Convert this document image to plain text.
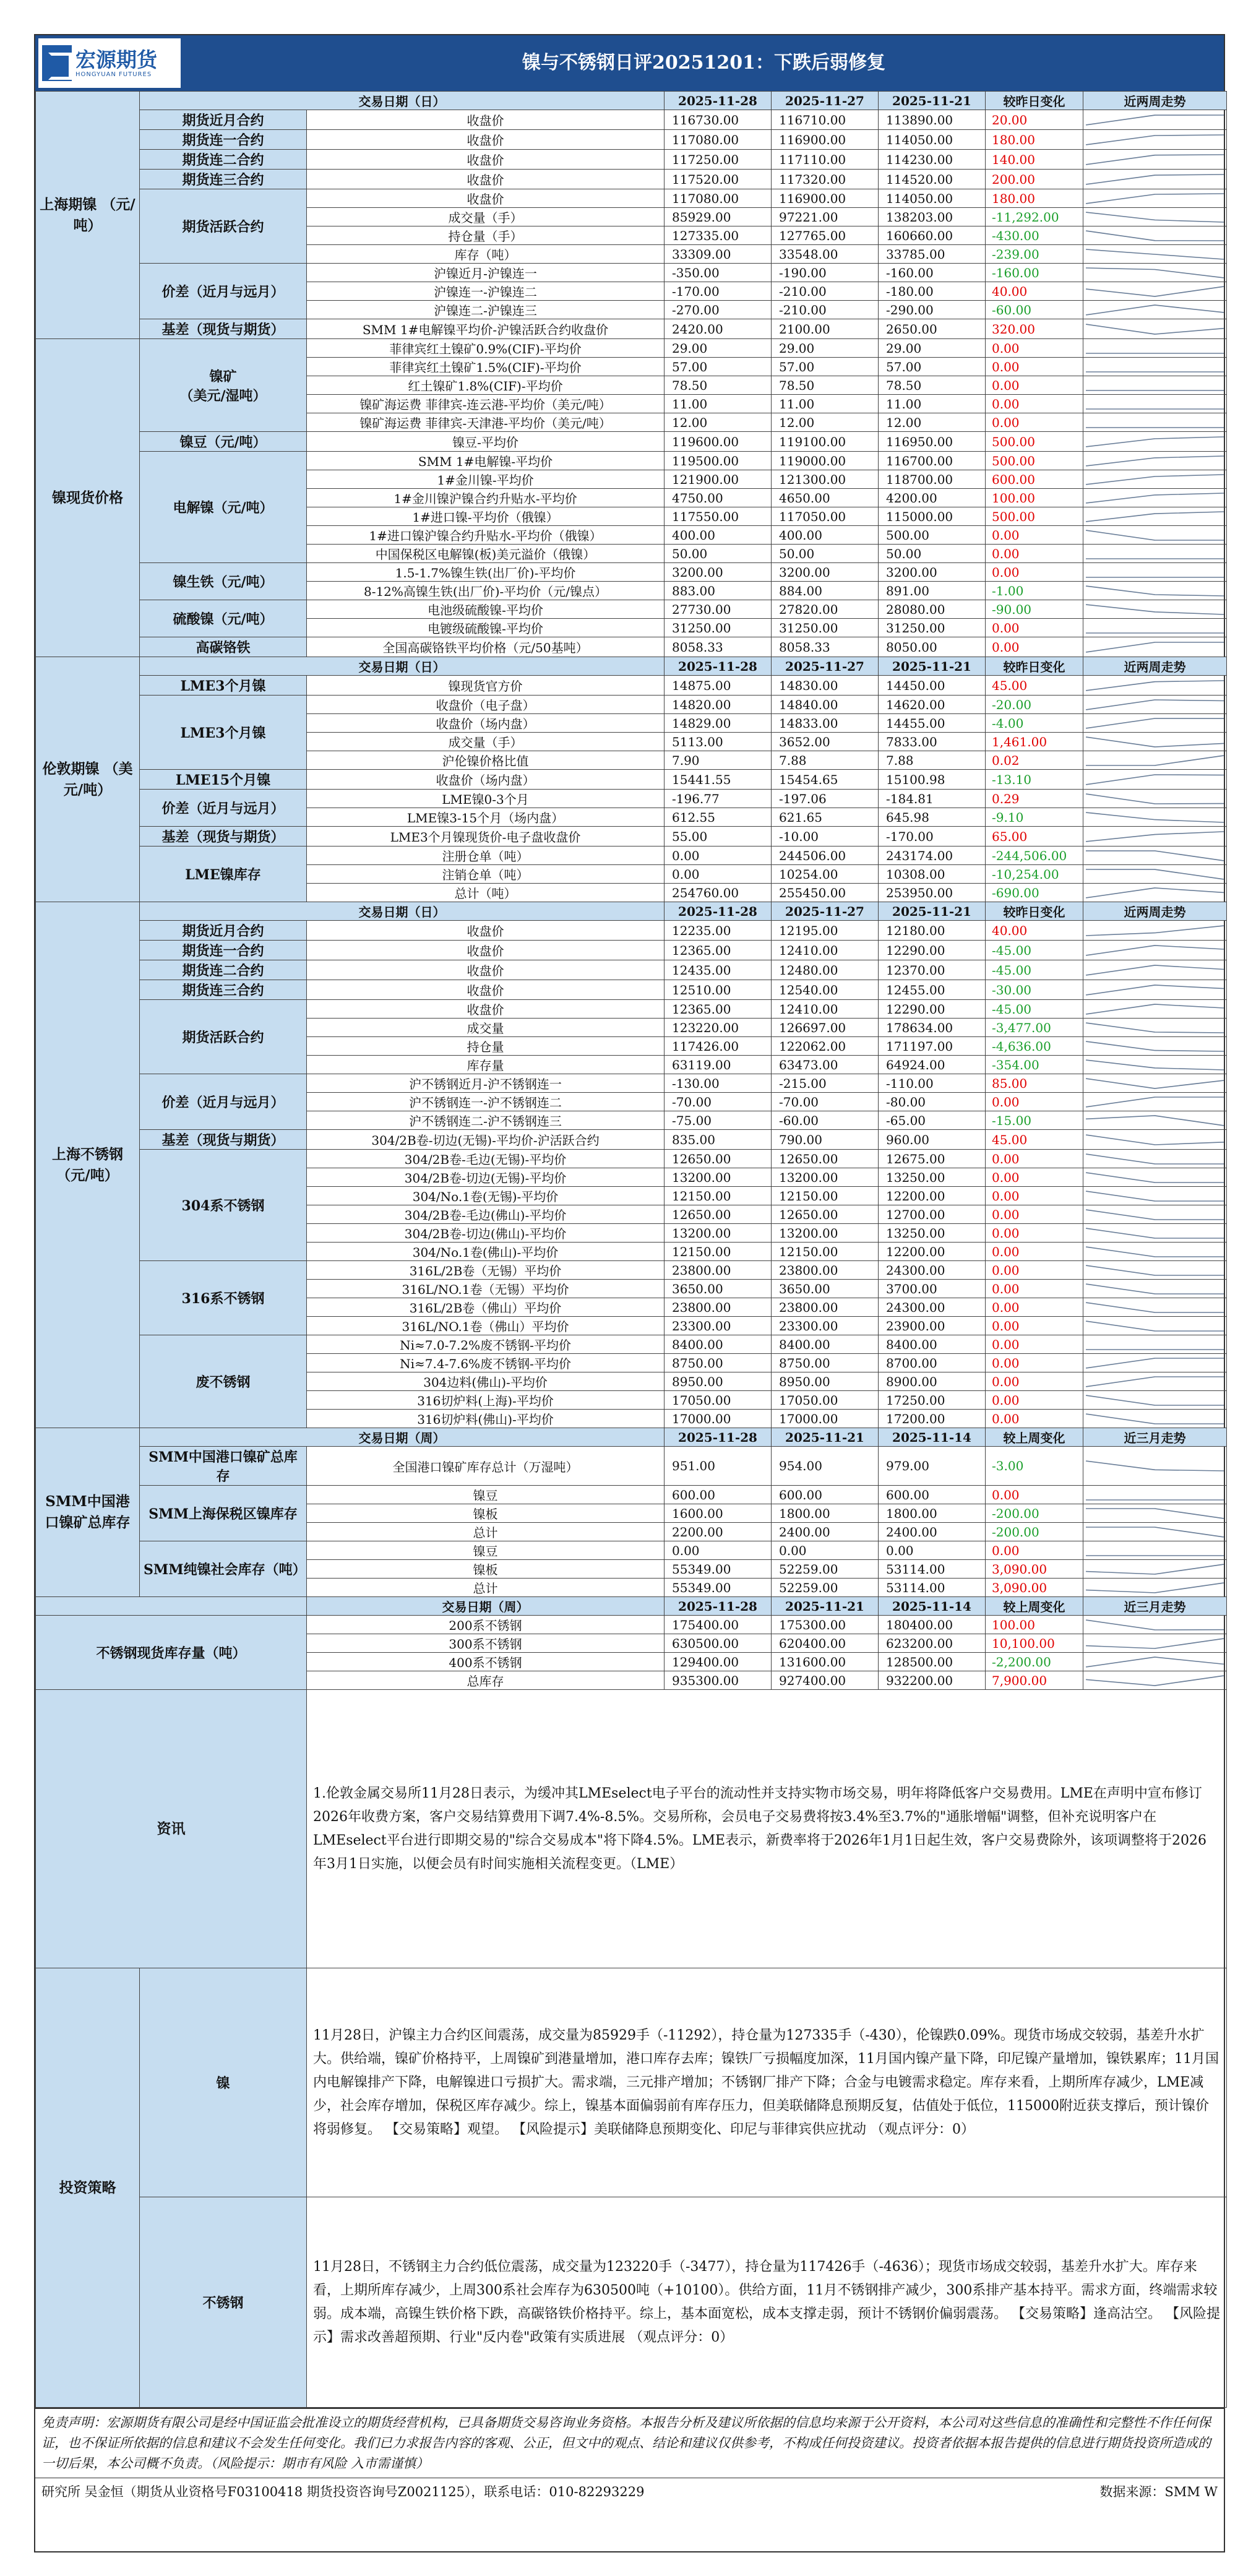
宏源期货
HONGYUAN FUTURES
镍与不锈钢日评20251201：下跌后弱修复
上海期镍 （元/吨）	交易日期（日）		2025-11-28	2025-11-27	2025-11-21	较昨日变化	近两周走势
	期货近月合约	收盘价	116730.00	116710.00	113890.00	20.00	

	期货连一合约	收盘价	117080.00	116900.00	114050.00	180.00	

	期货连二合约	收盘价	117250.00	117110.00	114230.00	140.00	

	期货连三合约	收盘价	117520.00	117320.00	114520.00	200.00	

	期货活跃合约	收盘价	117080.00	116900.00	114050.00	180.00	

		成交量（手）	85929.00	97221.00	138203.00	-11,292.00	

		持仓量（手）	127335.00	127765.00	160660.00	-430.00	

		库存（吨）	33309.00	33548.00	33785.00	-239.00	

	价差（近月与远月）	沪镍近月-沪镍连一	-350.00	-190.00	-160.00	-160.00	

		沪镍连一-沪镍连二	-170.00	-210.00	-180.00	40.00	

		沪镍连二-沪镍连三	-270.00	-210.00	-290.00	-60.00	

	基差（现货与期货）	SMM 1#电解镍平均价-沪镍活跃合约收盘价	2420.00	2100.00	2650.00	320.00	

镍现货价格	镍矿
（美元/湿吨）	菲律宾红土镍矿0.9%(CIF)-平均价	29.00	29.00	29.00	0.00	

		菲律宾红土镍矿1.5%(CIF)-平均价	57.00	57.00	57.00	0.00	

		红土镍矿1.8%(CIF)-平均价	78.50	78.50	78.50	0.00	

		镍矿海运费 菲律宾-连云港-平均价（美元/吨）	11.00	11.00	11.00	0.00	

		镍矿海运费 菲律宾-天津港-平均价（美元/吨）	12.00	12.00	12.00	0.00	

	镍豆（元/吨）	镍豆-平均价	119600.00	119100.00	116950.00	500.00	

	电解镍（元/吨）	SMM 1#电解镍-平均价	119500.00	119000.00	116700.00	500.00	

		1#金川镍-平均价	121900.00	121300.00	118700.00	600.00	

		1#金川镍沪镍合约升贴水-平均价	4750.00	4650.00	4200.00	100.00	

		1#进口镍-平均价（俄镍）	117550.00	117050.00	115000.00	500.00	

		1#进口镍沪镍合约升贴水-平均价（俄镍）	400.00	400.00	500.00	0.00	

		中国保税区电解镍(板)美元溢价（俄镍）	50.00	50.00	50.00	0.00	

	镍生铁（元/吨）	1.5-1.7%镍生铁(出厂价)-平均价	3200.00	3200.00	3200.00	0.00	

		8-12%高镍生铁(出厂价)-平均价（元/镍点）	883.00	884.00	891.00	-1.00	

	硫酸镍（元/吨）	电池级硫酸镍-平均价	27730.00	27820.00	28080.00	-90.00	

		电镀级硫酸镍-平均价	31250.00	31250.00	31250.00	0.00	

	高碳铬铁	全国高碳铬铁平均价格（元/50基吨）	8058.33	8058.33	8050.00	0.00	

伦敦期镍 （美元/吨）	交易日期（日）		2025-11-28	2025-11-27	2025-11-21	较昨日变化	近两周走势
	LME3个月镍	镍现货官方价	14875.00	14830.00	14450.00	45.00	

	LME3个月镍	收盘价（电子盘）	14820.00	14840.00	14620.00	-20.00	

		收盘价（场内盘）	14829.00	14833.00	14455.00	-4.00	

		成交量（手）	5113.00	3652.00	7833.00	1,461.00	

		沪伦镍价格比值	7.90	7.88	7.88	0.02	

	LME15个月镍	收盘价（场内盘）	15441.55	15454.65	15100.98	-13.10	

	价差（近月与远月）	LME镍0-3个月	-196.77	-197.06	-184.81	0.29	

		LME镍3-15个月（场内盘）	612.55	621.65	645.98	-9.10	

	基差（现货与期货）	LME3个月镍现货价-电子盘收盘价	55.00	-10.00	-170.00	65.00	

	LME镍库存	注册仓单（吨）	0.00	244506.00	243174.00	-244,506.00	

		注销仓单（吨）	0.00	10254.00	10308.00	-10,254.00	

		总计（吨）	254760.00	255450.00	253950.00	-690.00	

上海不锈钢 （元/吨）	交易日期（日）		2025-11-28	2025-11-27	2025-11-21	较昨日变化	近两周走势
	期货近月合约	收盘价	12235.00	12195.00	12180.00	40.00	

	期货连一合约	收盘价	12365.00	12410.00	12290.00	-45.00	

	期货连二合约	收盘价	12435.00	12480.00	12370.00	-45.00	

	期货连三合约	收盘价	12510.00	12540.00	12455.00	-30.00	

	期货活跃合约	收盘价	12365.00	12410.00	12290.00	-45.00	

		成交量	123220.00	126697.00	178634.00	-3,477.00	

		持仓量	117426.00	122062.00	171197.00	-4,636.00	

		库存量	63119.00	63473.00	64924.00	-354.00	

	价差（近月与远月）	沪不锈钢近月-沪不锈钢连一	-130.00	-215.00	-110.00	85.00	

		沪不锈钢连一-沪不锈钢连二	-70.00	-70.00	-80.00	0.00	

		沪不锈钢连二-沪不锈钢连三	-75.00	-60.00	-65.00	-15.00	

	基差（现货与期货）	304/2B卷-切边(无锡)-平均价-沪活跃合约	835.00	790.00	960.00	45.00	

	304系不锈钢	304/2B卷-毛边(无锡)-平均价	12650.00	12650.00	12675.00	0.00	

		304/2B卷-切边(无锡)-平均价	13200.00	13200.00	13250.00	0.00	

		304/No.1卷(无锡)-平均价	12150.00	12150.00	12200.00	0.00	

		304/2B卷-毛边(佛山)-平均价	12650.00	12650.00	12700.00	0.00	

		304/2B卷-切边(佛山)-平均价	13200.00	13200.00	13250.00	0.00	

		304/No.1卷(佛山)-平均价	12150.00	12150.00	12200.00	0.00	

	316系不锈钢	316L/2B卷（无锡）平均价	23800.00	23800.00	24300.00	0.00	

		316L/NO.1卷（无锡）平均价	3650.00	3650.00	3700.00	0.00	

		316L/2B卷（佛山）平均价	23800.00	23800.00	24300.00	0.00	

		316L/NO.1卷（佛山）平均价	23300.00	23300.00	23900.00	0.00	

	废不锈钢	Ni≈7.0-7.2%废不锈钢-平均价	8400.00	8400.00	8400.00	0.00	

		Ni≈7.4-7.6%废不锈钢-平均价	8750.00	8750.00	8700.00	0.00	

		304边料(佛山)-平均价	8950.00	8950.00	8900.00	0.00	

		316切炉料(上海)-平均价	17050.00	17050.00	17250.00	0.00	

		316切炉料(佛山)-平均价	17000.00	17000.00	17200.00	0.00	

SMM中国港口镍矿总库存	交易日期（周）		2025-11-28	2025-11-21	2025-11-14	较上周变化	近三月走势
	SMM中国港口镍矿总库存	全国港口镍矿库存总计（万湿吨）	951.00	954.00	979.00	-3.00	

	SMM上海保税区镍库存	镍豆	600.00	600.00	600.00	0.00	

		镍板	1600.00	1800.00	1800.00	-200.00	

		总计	2200.00	2400.00	2400.00	-200.00	

	SMM纯镍社会库存（吨）	镍豆	0.00	0.00	0.00	0.00	

		镍板	55349.00	52259.00	53114.00	3,090.00	

		总计	55349.00	52259.00	53114.00	3,090.00	

		交易日期（周）	2025-11-28	2025-11-21	2025-11-14	较上周变化	近三月走势
不锈钢现货库存量（吨）		200系不锈钢	175400.00	175300.00	180400.00	100.00	

		300系不锈钢	630500.00	620400.00	623200.00	10,100.00	

		400系不锈钢	129400.00	131600.00	128500.00	-2,200.00	

		总库存	935300.00	927400.00	932200.00	7,900.00	

资讯		1.伦敦金属交易所11月28日表示，为缓冲其LMEselect电子平台的流动性并支持实物市场交易，明年将降低客户交易费用。LME在声明中宣布修订2026年收费方案，客户交易结算费用下调7.4%-8.5%。交易所称，会员电子交易费将按3.4%至3.7%的"通胀增幅"调整，但补充说明客户在LMEselect平台进行即期交易的"综合交易成本"将下降4.5%。LME表示，新费率将于2026年1月1日起生效，客户交易费除外，该项调整将于2026年3月1日实施，以便会员有时间实施相关流程变更。（LME）					
投资策略	镍	11月28日，沪镍主力合约区间震荡，成交量为85929手（-11292），持仓量为127335手（-430），伦镍跌0.09%。现货市场成交较弱，基差升水扩大。供给端，镍矿价格持平，上周镍矿到港量增加，港口库存去库；镍铁厂亏损幅度加深，11月国内镍产量下降，印尼镍产量增加，镍铁累库；11月国内电解镍排产下降，电解镍进口亏损扩大。需求端，三元排产增加；不锈钢厂排产下降；合金与电镀需求稳定。库存来看，上期所库存减少，LME减少，社会库存增加，保税区库存减少。综上，镍基本面偏弱前有库存压力，但美联储降息预期反复，估值处于低位，115000附近获支撑后，预计镍价将弱修复。 【交易策略】观望。 【风险提示】美联储降息预期变化、印尼与菲律宾供应扰动 （观点评分：0）					
	不锈钢	11月28日，不锈钢主力合约低位震荡，成交量为123220手（-3477），持仓量为117426手（-4636）；现货市场成交较弱，基差升水扩大。库存来看，上期所库存减少，上周300系社会库存为630500吨（+10100）。供给方面，11月不锈钢排产减少，300系排产基本持平。需求方面，终端需求较弱。成本端，高镍生铁价格下跌，高碳铬铁价格持平。综上，基本面宽松，成本支撑走弱，预计不锈钢价偏弱震荡。 【交易策略】逢高沽空。 【风险提示】需求改善超预期、行业"反内卷"政策有实质进展 （观点评分：0）					
免责声明：宏源期货有限公司是经中国证监会批准设立的期货经营机构，已具备期货交易咨询业务资格。本报告分析及建议所依据的信息均来源于公开资料，本公司对这些信息的准确性和完整性不作任何保证，也不保证所依据的信息和建议不会发生任何变化。我们已力求报告内容的客观、公正，但文中的观点、结论和建议仅供参考，不构成任何投资建议。投资者依据本报告提供的信息进行期货投资所造成的一切后果，本公司概不负责。（风险提示：期市有风险 入市需谨慎）
研究所 吴金恒（期货从业资格号F03100418 期货投资咨询号Z0021125），联系电话：010-82293229	数据来源：SMM W
